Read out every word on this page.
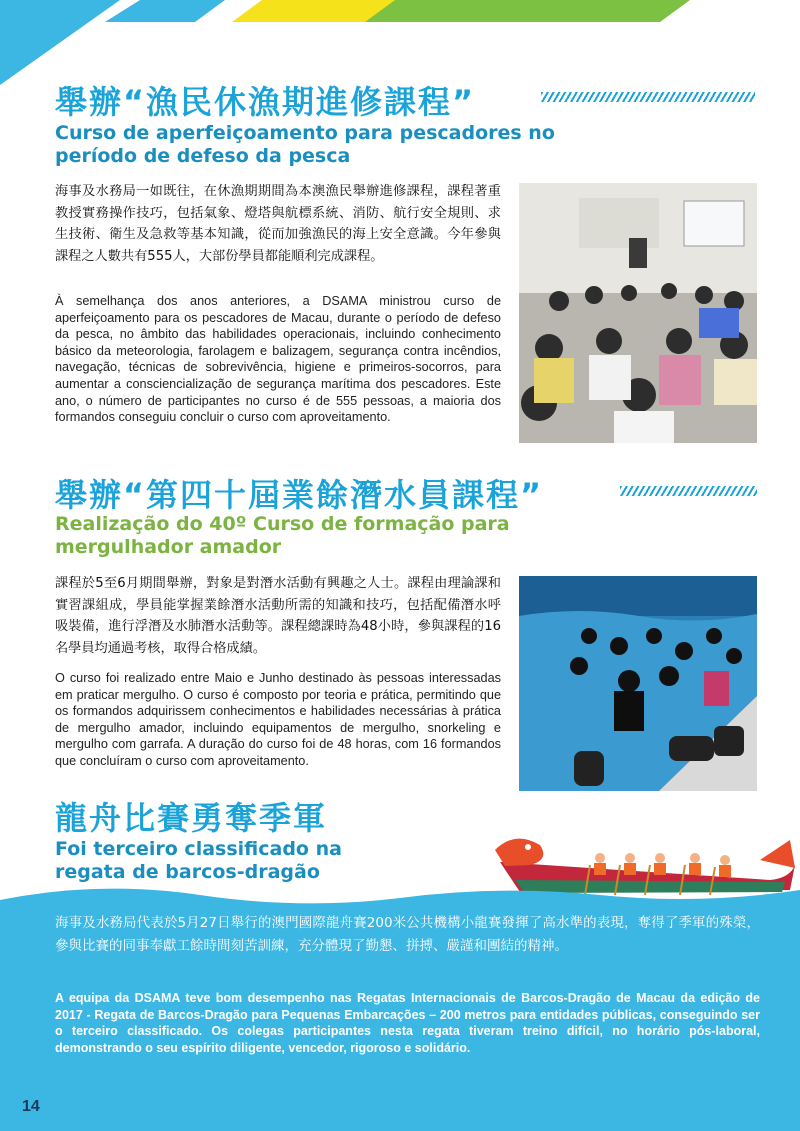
舉辦“漁民休漁期進修課程”
Curso de aperfeiçoamento para pescadores no período de defeso da pesca
海事及水務局一如既往，在休漁期期間為本澳漁民舉辦進修課程，課程著重教授實務操作技巧，包括氣象、燈塔與航標系統、消防、航行安全規則、求生技術、衛生及急救等基本知識，從而加強漁民的海上安全意識。今年參與課程之人數共有555人，大部份學員都能順利完成課程。
À semelhança dos anos anteriores, a DSAMA ministrou curso de aperfeiçoamento para os pescadores de Macau, durante o período de defeso da pesca, no âmbito das habilidades operacionais, incluindo conhecimento básico da meteorologia, farolagem e balizagem, segurança contra incêndios, navegação, técnicas de sobrevivência, higiene e primeiros-socorros, para aumentar a consciencialização de segurança marítima dos pescadores. Este ano, o número de participantes no curso é de 555 pessoas, a maioria dos formandos conseguiu concluir o curso com aproveitamento.
舉辦“第四十屆業餘潛水員課程”
Realização do 40º Curso de formação para mergulhador amador
課程於5至6月期間舉辦，對象是對潛水活動有興趣之人士。課程由理論課和實習課組成，學員能掌握業餘潛水活動所需的知識和技巧，包括配備潛水呼吸裝備，進行浮潛及水肺潛水活動等。課程總課時為48小時，參與課程的16名學員均通過考核，取得合格成績。
O curso foi realizado entre Maio e Junho destinado às pessoas interessadas em praticar mergulho. O curso é composto por teoria e prática, permitindo que os formandos adquirissem conhecimentos e habilidades necessárias à prática de mergulho amador, incluindo equipamentos de mergulho, snorkeling e mergulho com garrafa. A duração do curso foi de 48 horas, com 16 formandos que concluíram o curso com aproveitamento.
龍舟比賽勇奪季軍
Foi terceiro classificado na regata de barcos-dragão
海事及水務局代表於5月27日舉行的澳門國際龍舟賽200米公共機構小龍賽發揮了高水準的表現，奪得了季軍的殊榮，參與比賽的同事奉獻工餘時間刻苦訓練，充分體現了勤懇、拼搏、嚴謹和團結的精神。
A equipa da DSAMA teve bom desempenho nas Regatas Internacionais de Barcos-Dragão de Macau da edição de 2017 - Regata de Barcos-Dragão para Pequenas Embarcações – 200 metros para entidades públicas, conseguindo ser o terceiro classificado. Os colegas participantes nesta regata tiveram treino difícil, no horário pós-laboral, demonstrando o seu espírito diligente, vencedor, rigoroso e solidário.
14
